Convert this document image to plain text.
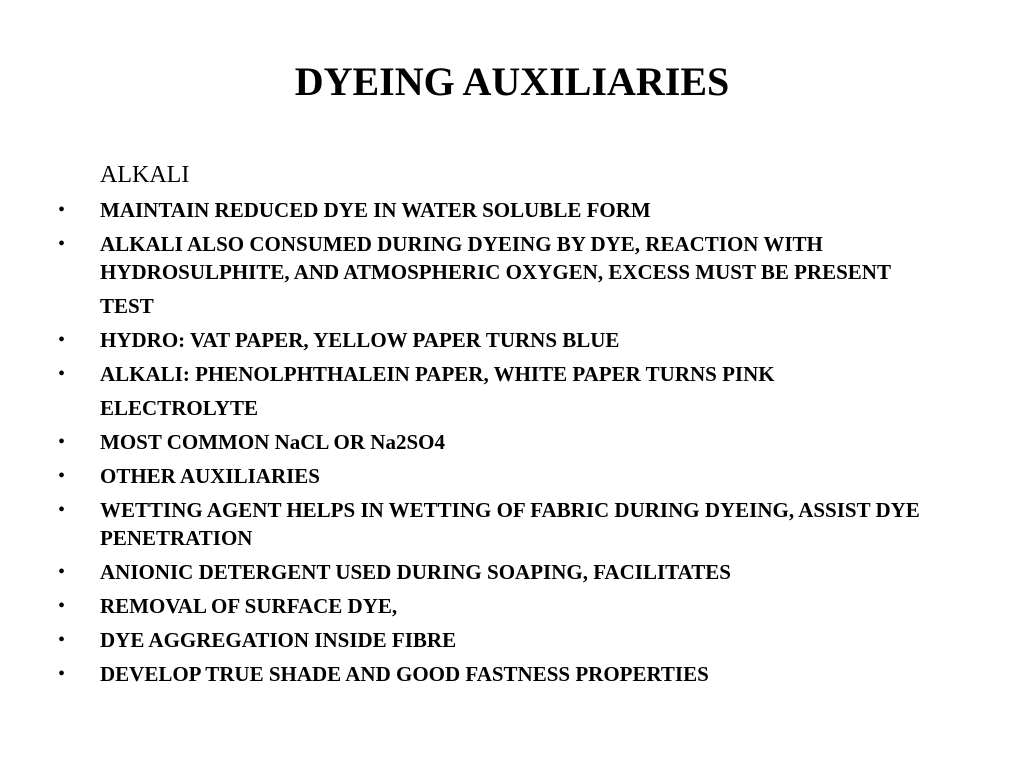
DYEING AUXILIARIES
ALKALI
•	MAINTAIN REDUCED DYE IN WATER SOLUBLE FORM
•	ALKALI ALSO CONSUMED DURING DYEING BY DYE, REACTION WITH HYDROSULPHITE, AND ATMOSPHERIC OXYGEN, EXCESS MUST BE PRESENT
TEST
•	HYDRO: VAT PAPER, YELLOW PAPER TURNS BLUE
•	ALKALI: PHENOLPHTHALEIN PAPER, WHITE PAPER TURNS PINK
ELECTROLYTE
•	MOST COMMON NaCL OR Na2SO4
•	OTHER AUXILIARIES
•	WETTING AGENT HELPS IN WETTING OF FABRIC DURING DYEING, ASSIST DYE PENETRATION
•	ANIONIC DETERGENT USED DURING SOAPING, FACILITATES
•	REMOVAL OF SURFACE DYE,
•	DYE AGGREGATION INSIDE FIBRE
•	DEVELOP TRUE SHADE AND GOOD FASTNESS PROPERTIES
